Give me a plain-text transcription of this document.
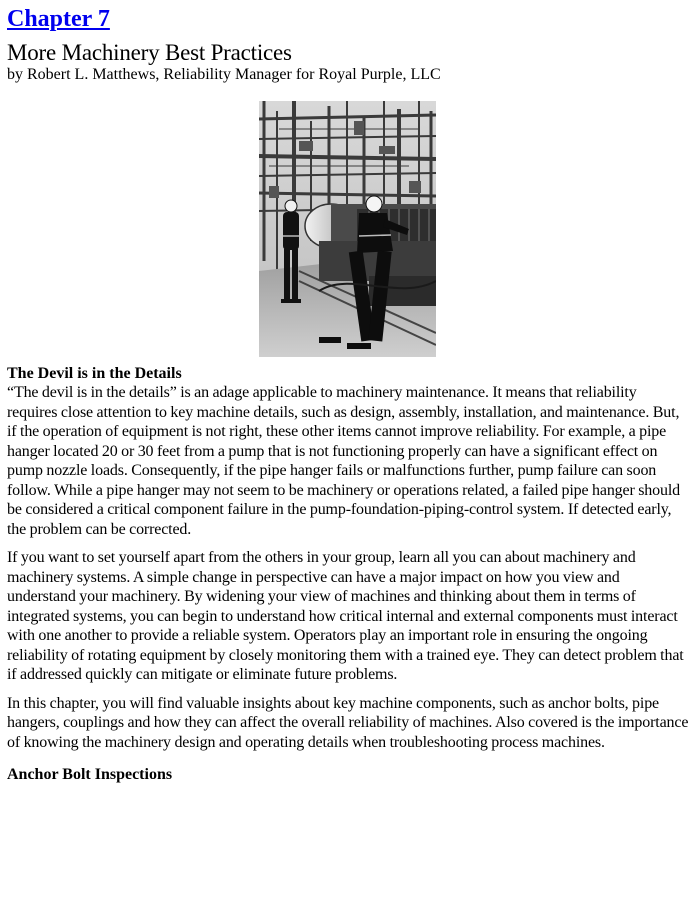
Chapter 7
More Machinery Best Practices

by Robert L. Matthews, Reliability Manager for Royal Purple, LLC

The Devil is in the Details

“The devil is in the details” is an adage applicable to machinery maintenance. It means that reliability requires close attention to key machine details, such as design, assembly, installation, and maintenance. But, if the operation of equipment is not right, these other items cannot improve reliability. For example, a pipe hanger located 20 or 30 feet from a pump that is not functioning properly can have a significant effect on pump nozzle loads. Consequently, if the pipe hanger fails or malfunctions further, pump failure can soon follow. While a pipe hanger may not seem to be machinery or operations related, a failed pipe hanger should be considered a critical component failure in the pump-foundation-piping-control system. If detected early, the problem can be corrected.

If you want to set yourself apart from the others in your group, learn all you can about machinery and machinery systems. A simple change in perspective can have a major impact on how you view and understand your machinery. By widening your view of machines and thinking about them in terms of integrated systems, you can begin to understand how critical internal and external components must interact with one another to provide a reliable system. Operators play an important role in ensuring the ongoing reliability of rotating equipment by closely monitoring them with a trained eye. They can detect problem that if addressed quickly can mitigate or eliminate future problems.

In this chapter, you will find valuable insights about key machine components, such as anchor bolts, pipe hangers, couplings and how they can affect the overall reliability of machines. Also covered is the importance of knowing the machinery design and operating details when troubleshooting process machines.

Anchor Bolt Inspections
